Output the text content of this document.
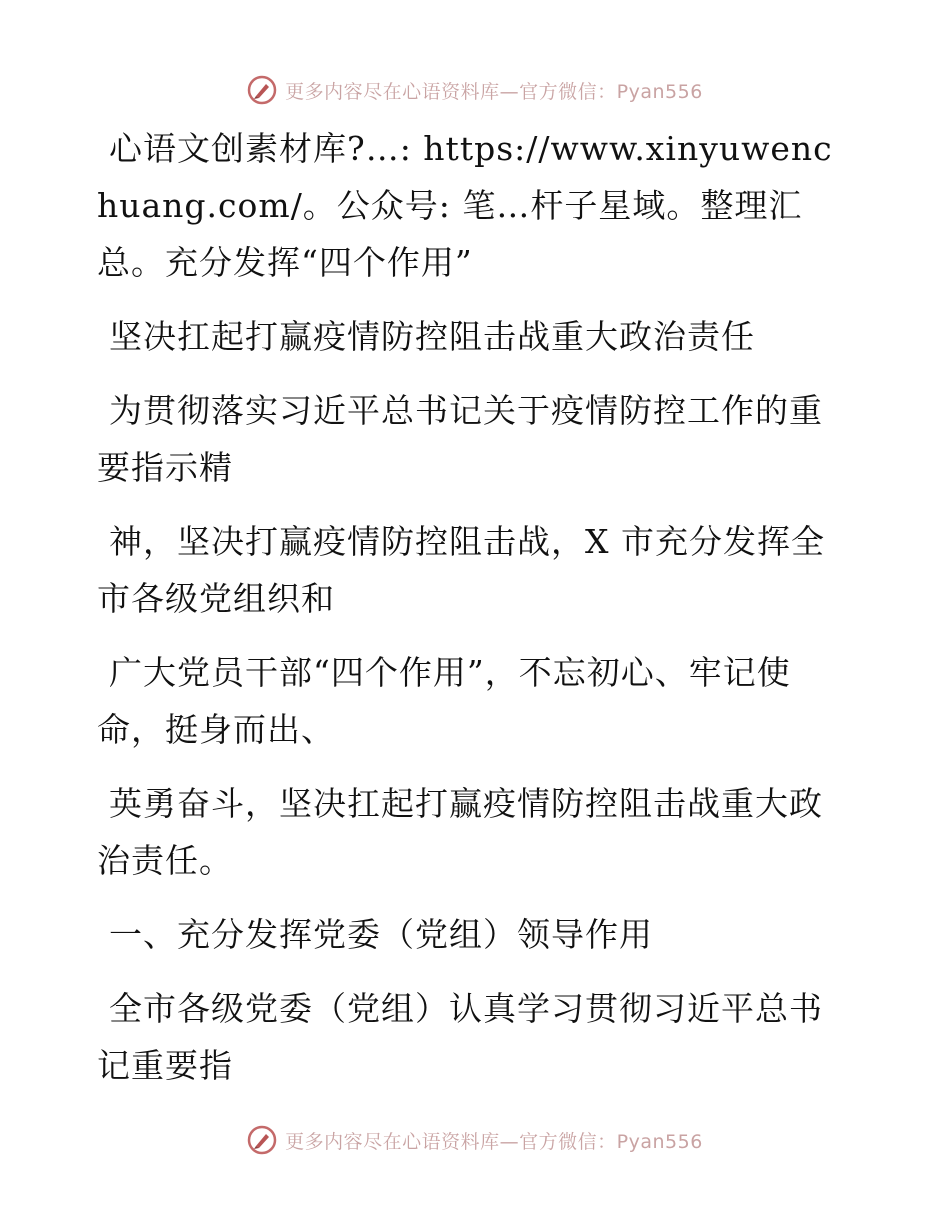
更多内容尽在心语资料库—官方微信：Pyan556

心语文创素材库?…: https://www.xinyuwenchuang.com/。公众号: 笔…杆子星域。整理汇总。充分发挥“四个作用”

坚决扛起打赢疫情防控阻击战重大政治责任

为贯彻落实习近平总书记关于疫情防控工作的重要指示精

神，坚决打赢疫情防控阻击战，X 市充分发挥全市各级党组织和

广大党员干部“四个作用”，不忘初心、牢记使命，挺身而出、

英勇奋斗，坚决扛起打赢疫情防控阻击战重大政治责任。

一、充分发挥党委（党组）领导作用

全市各级党委（党组）认真学习贯彻习近平总书记重要指

更多内容尽在心语资料库—官方微信：Pyan556
